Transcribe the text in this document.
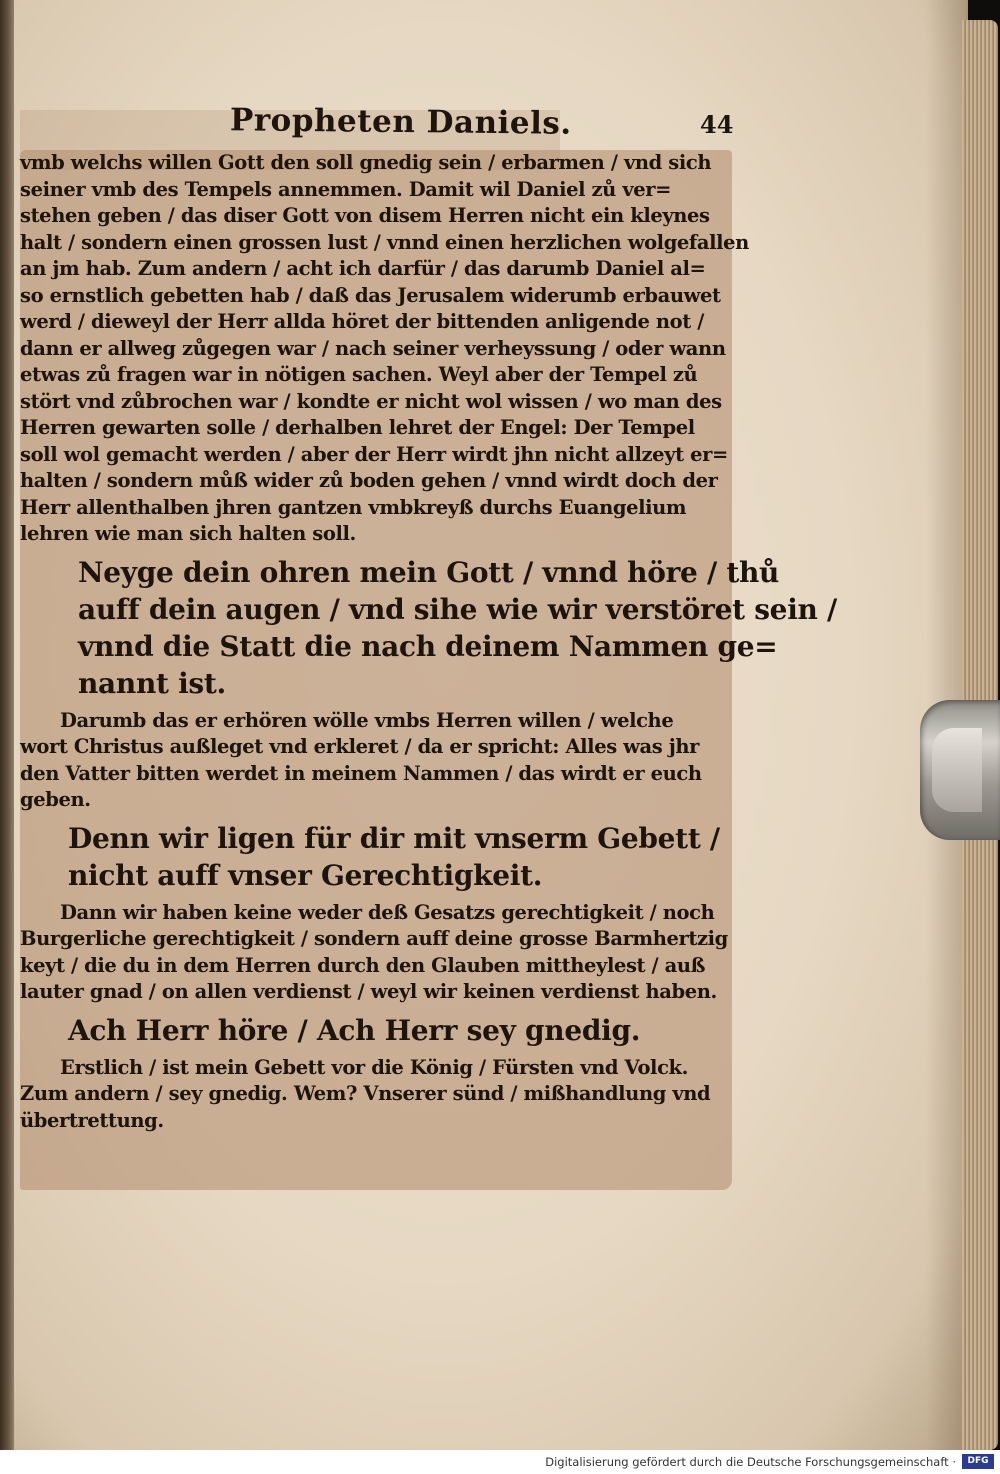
Propheten Daniels.	44
vmb welchs willen Gott den soll gnedig sein / erbarmen / vnd sich
seiner vmb des Tempels annemmen. Damit wil Daniel zů ver=
stehen geben / das diser Gott von disem Herren nicht ein kleynes
halt / sondern einen grossen lust / vnnd einen herzlichen wolgefallen
an jm hab. Zum andern / acht ich darfür / das darumb Daniel al=
so ernstlich gebetten hab / daß das Jerusalem widerumb erbauwet
werd / dieweyl der Herr allda höret der bittenden anligende not /
dann er allweg zůgegen war / nach seiner verheyssung / oder wann
etwas zů fragen war in nötigen sachen. Weyl aber der Tempel zů
stört vnd zůbrochen war / kondte er nicht wol wissen / wo man des
Herren gewarten solle / derhalben lehret der Engel: Der Tempel
soll wol gemacht werden / aber der Herr wirdt jhn nicht allzeyt er=
halten / sondern můß wider zů boden gehen / vnnd wirdt doch der
Herr allenthalben jhren gantzen vmbkreyß durchs Euangelium
lehren wie man sich halten soll.
Neyge dein ohren mein Gott / vnnd höre / thů
auff dein augen / vnd sihe wie wir verstöret sein /
vnnd die Statt die nach deinem Nammen ge=
nannt ist.
Darumb das er erhören wölle vmbs Herren willen / welche
wort Christus außleget vnd erkleret / da er spricht: Alles was jhr
den Vatter bitten werdet in meinem Nammen / das wirdt er euch
geben.
Denn wir ligen für dir mit vnserm Gebett /
nicht auff vnser Gerechtigkeit.
Dann wir haben keine weder deß Gesatzs gerechtigkeit / noch
Burgerliche gerechtigkeit / sondern auff deine grosse Barmhertzig
keyt / die du in dem Herren durch den Glauben mittheylest / auß
lauter gnad / on allen verdienst / weyl wir keinen verdienst haben.
Ach Herr höre / Ach Herr sey gnedig.
Erstlich / ist mein Gebett vor die König / Fürsten vnd Volck.
Zum andern / sey gnedig. Wem? Vnserer sünd / mißhandlung vnd
übertrettung.
Digitalisierung gefördert durch die Deutsche Forschungsgemeinschaft ·	DFG
